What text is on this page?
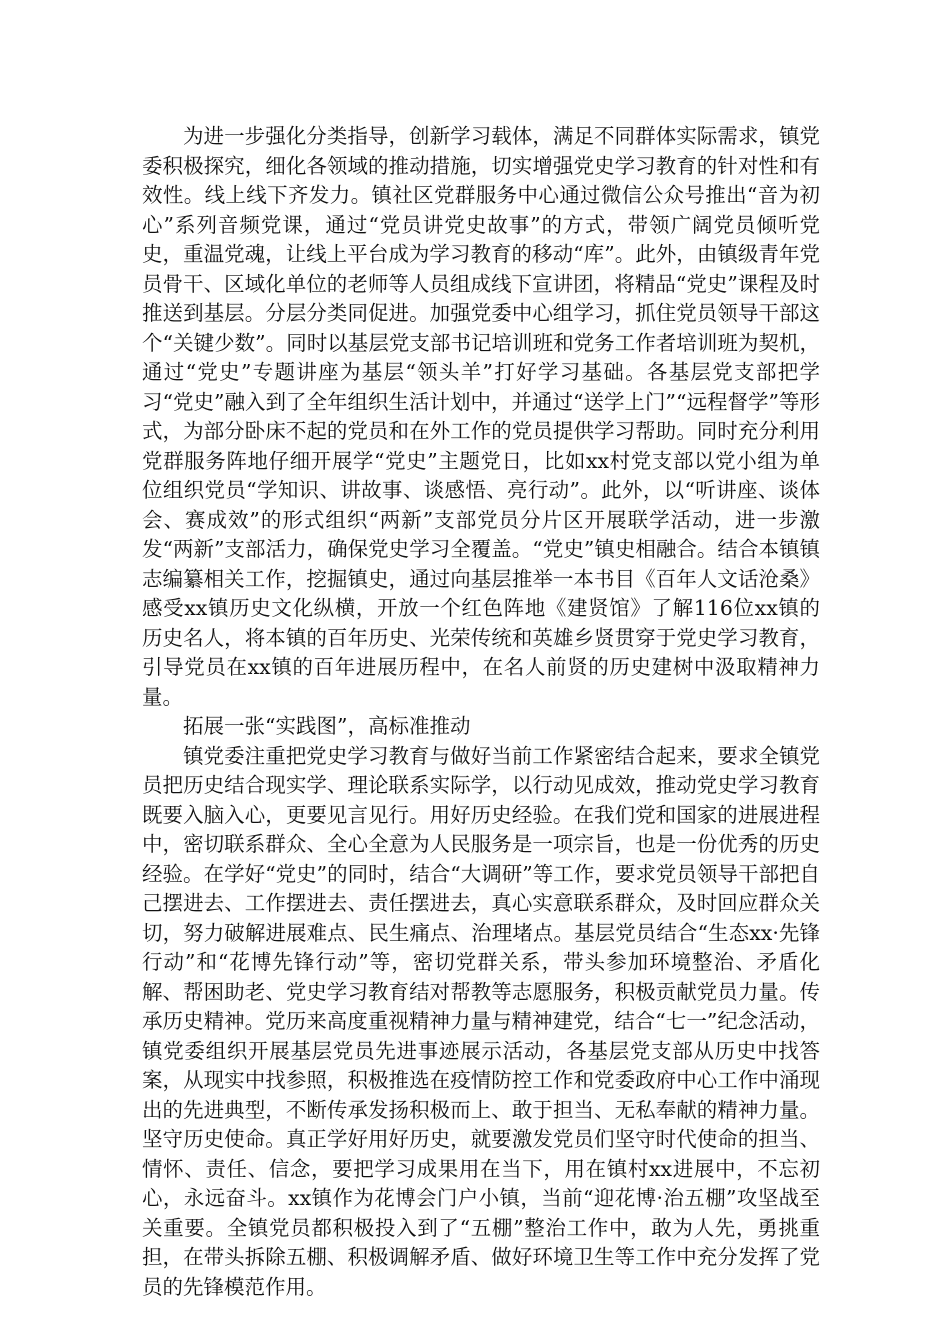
为进一步强化分类指导，创新学习载体，满足不同群体实际需求，镇党委积极探究，细化各领域的推动措施，切实增强党史学习教育的针对性和有效性。线上线下齐发力。镇社区党群服务中心通过微信公众号推出“音为初心”系列音频党课，通过“党员讲党史故事”的方式，带领广阔党员倾听党史，重温党魂，让线上平台成为学习教育的移动“库”。此外，由镇级青年党员骨干、区域化单位的老师等人员组成线下宣讲团，将精品“党史”课程及时推送到基层。分层分类同促进。加强党委中心组学习，抓住党员领导干部这个“关键少数”。同时以基层党支部书记培训班和党务工作者培训班为契机，通过“党史”专题讲座为基层“领头羊”打好学习基础。各基层党支部把学习“党史”融入到了全年组织生活计划中，并通过“送学上门”“远程督学”等形式，为部分卧床不起的党员和在外工作的党员提供学习帮助。同时充分利用党群服务阵地仔细开展学“党史”主题党日，比如xx村党支部以党小组为单位组织党员“学知识、讲故事、谈感悟、亮行动”。此外，以“听讲座、谈体会、赛成效”的形式组织“两新”支部党员分片区开展联学活动，进一步激发“两新”支部活力，确保党史学习全覆盖。“党史”镇史相融合。结合本镇镇志编纂相关工作，挖掘镇史，通过向基层推举一本书目《百年人文话沧桑》感受xx镇历史文化纵横，开放一个红色阵地《建贤馆》了解116位xx镇的历史名人，将本镇的百年历史、光荣传统和英雄乡贤贯穿于党史学习教育，引导党员在xx镇的百年进展历程中，在名人前贤的历史建树中汲取精神力量。

拓展一张“实践图”，高标准推动

镇党委注重把党史学习教育与做好当前工作紧密结合起来，要求全镇党员把历史结合现实学、理论联系实际学，以行动见成效，推动党史学习教育既要入脑入心，更要见言见行。用好历史经验。在我们党和国家的进展进程中，密切联系群众、全心全意为人民服务是一项宗旨，也是一份优秀的历史经验。在学好“党史”的同时，结合“大调研”等工作，要求党员领导干部把自己摆进去、工作摆进去、责任摆进去，真心实意联系群众，及时回应群众关切，努力破解进展难点、民生痛点、治理堵点。基层党员结合“生态xx·先锋行动”和“花博先锋行动”等，密切党群关系，带头参加环境整治、矛盾化解、帮困助老、党史学习教育结对帮教等志愿服务，积极贡献党员力量。传承历史精神。党历来高度重视精神力量与精神建党，结合“七一”纪念活动，镇党委组织开展基层党员先进事迹展示活动，各基层党支部从历史中找答案，从现实中找参照，积极推选在疫情防控工作和党委政府中心工作中涌现出的先进典型，不断传承发扬积极而上、敢于担当、无私奉献的精神力量。坚守历史使命。真正学好用好历史，就要激发党员们坚守时代使命的担当、情怀、责任、信念，要把学习成果用在当下，用在镇村xx进展中，不忘初心，永远奋斗。xx镇作为花博会门户小镇，当前“迎花博·治五棚”攻坚战至关重要。全镇党员都积极投入到了“五棚”整治工作中，敢为人先，勇挑重担，在带头拆除五棚、积极调解矛盾、做好环境卫生等工作中充分发挥了党员的先锋模范作用。
